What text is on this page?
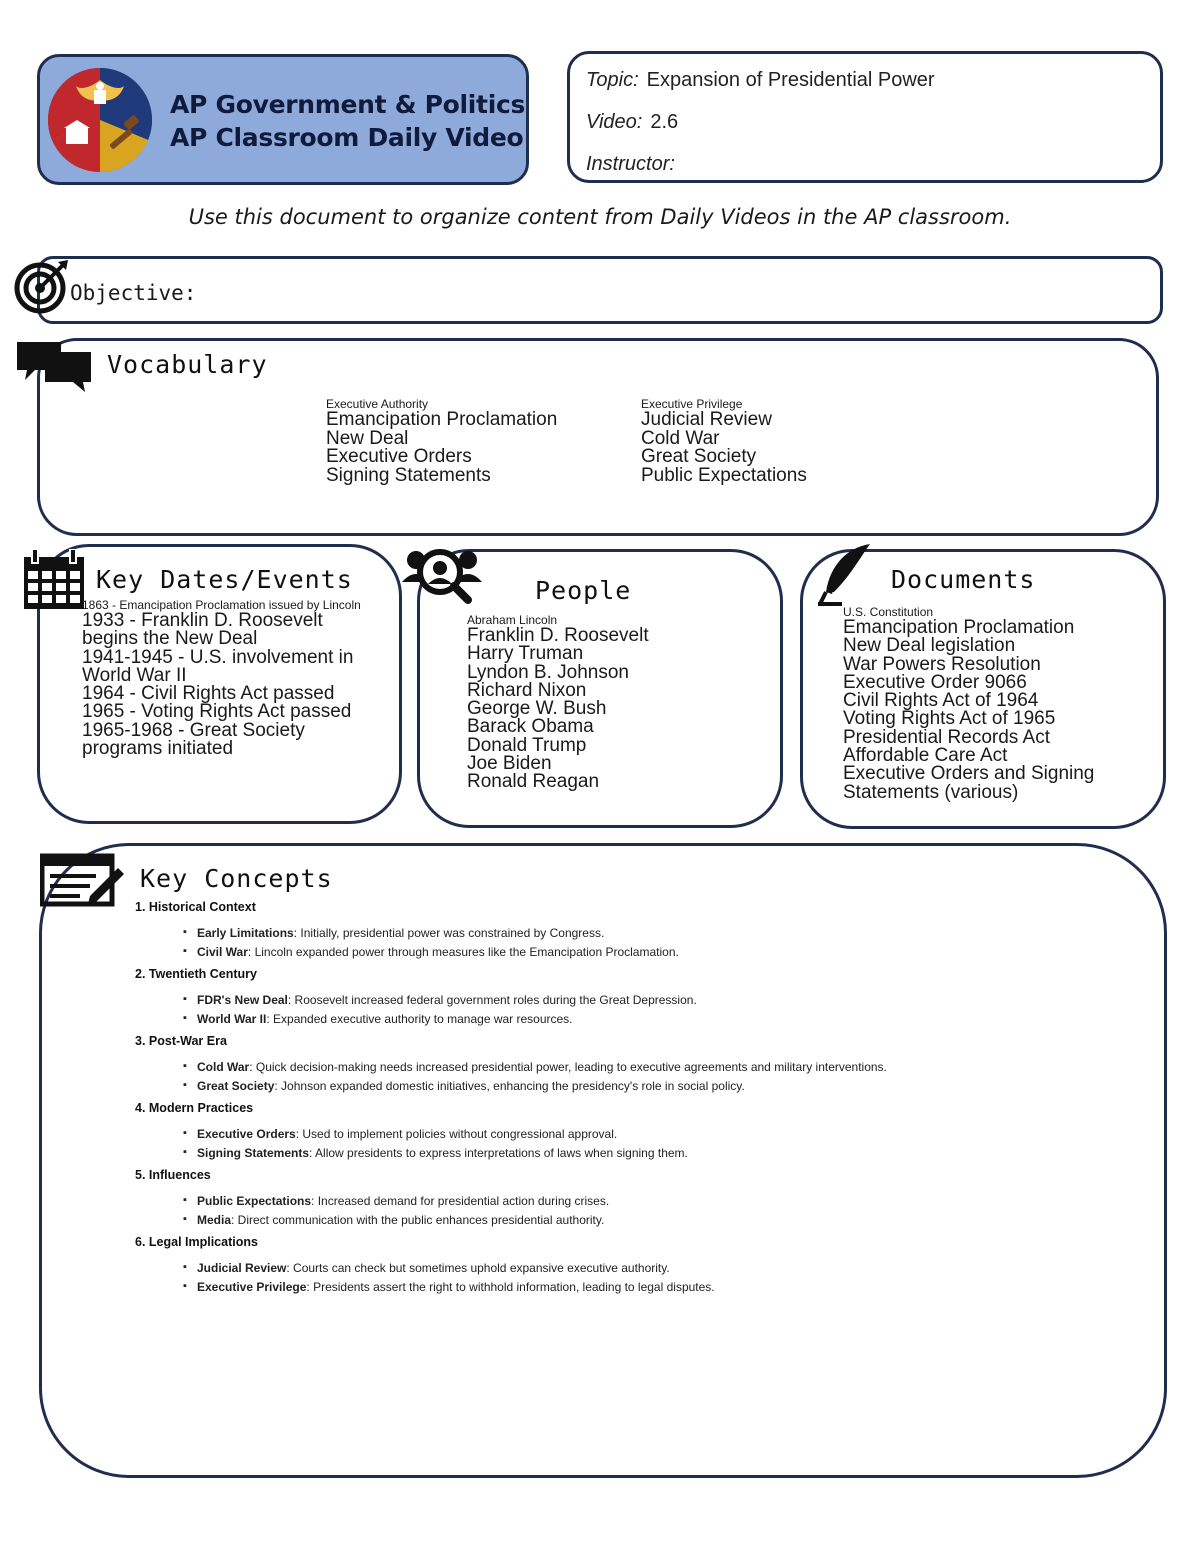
AP Government & Politics
AP Classroom Daily Video
Topic: Expansion of Presidential Power
Video: 2.6
Instructor:
Use this document to organize content from Daily Videos in the AP classroom.
Objective:
Vocabulary
Executive Authority
Emancipation Proclamation
New Deal
Executive Orders
Signing Statements
Executive Privilege
Judicial Review
Cold War
Great Society
Public Expectations
Key Dates/Events
1863 - Emancipation Proclamation issued by Lincoln
1933 - Franklin D. Roosevelt begins the New Deal
1941-1945 - U.S. involvement in World War II
1964 - Civil Rights Act passed
1965 - Voting Rights Act passed
1965-1968 - Great Society programs initiated
People
Abraham Lincoln
Franklin D. Roosevelt
Harry Truman
Lyndon B. Johnson
Richard Nixon
George W. Bush
Barack Obama
Donald Trump
Joe Biden
Ronald Reagan
Documents
U.S. Constitution
Emancipation Proclamation
New Deal legislation
War Powers Resolution
Executive Order 9066
Civil Rights Act of 1964
Voting Rights Act of 1965
Presidential Records Act
Affordable Care Act
Executive Orders and Signing Statements (various)
Key Concepts
1. Historical Context
▪ Early Limitations: Initially, presidential power was constrained by Congress.
▪ Civil War: Lincoln expanded power through measures like the Emancipation Proclamation.
2. Twentieth Century
▪ FDR's New Deal: Roosevelt increased federal government roles during the Great Depression.
▪ World War II: Expanded executive authority to manage war resources.
3. Post-War Era
▪ Cold War: Quick decision-making needs increased presidential power, leading to executive agreements and military interventions.
▪ Great Society: Johnson expanded domestic initiatives, enhancing the presidency's role in social policy.
4. Modern Practices
▪ Executive Orders: Used to implement policies without congressional approval.
▪ Signing Statements: Allow presidents to express interpretations of laws when signing them.
5. Influences
▪ Public Expectations: Increased demand for presidential action during crises.
▪ Media: Direct communication with the public enhances presidential authority.
6. Legal Implications
▪ Judicial Review: Courts can check but sometimes uphold expansive executive authority.
▪ Executive Privilege: Presidents assert the right to withhold information, leading to legal disputes.
